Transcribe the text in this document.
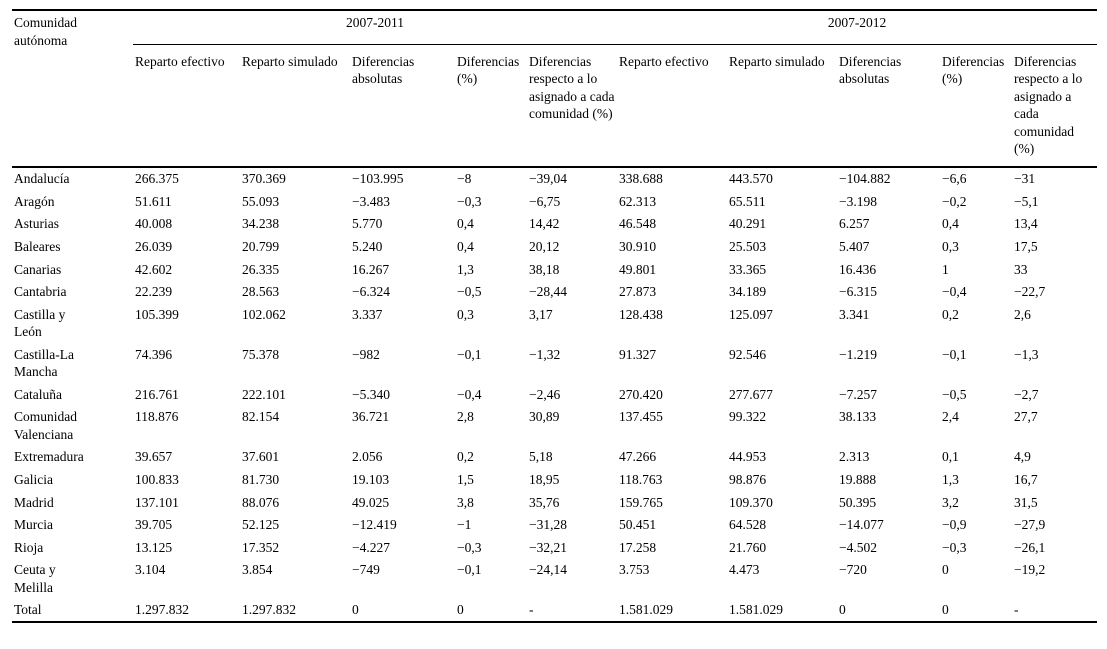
Comunidad autónoma	2007-2011					2007-2012				
	Reparto efectivo	Reparto simulado	Diferencias absolutas	Diferencias (%)	Diferencias respecto a lo asignado a cada comunidad (%)	Reparto efectivo	Reparto simulado	Diferencias absolutas	Diferencias (%)	Diferencias respecto a lo asignado a cada comunidad (%)
Andalucía	266.375	370.369	−103.995	−8	−39,04	338.688	443.570	−104.882	−6,6	−31
Aragón	51.611	55.093	−3.483	−0,3	−6,75	62.313	65.511	−3.198	−0,2	−5,1
Asturias	40.008	34.238	5.770	0,4	14,42	46.548	40.291	6.257	0,4	13,4
Baleares	26.039	20.799	5.240	0,4	20,12	30.910	25.503	5.407	0,3	17,5
Canarias	42.602	26.335	16.267	1,3	38,18	49.801	33.365	16.436	1	33
Cantabria	22.239	28.563	−6.324	−0,5	−28,44	27.873	34.189	−6.315	−0,4	−22,7
Castilla y León	105.399	102.062	3.337	0,3	3,17	128.438	125.097	3.341	0,2	2,6
Castilla-La Mancha	74.396	75.378	−982	−0,1	−1,32	91.327	92.546	−1.219	−0,1	−1,3
Cataluña	216.761	222.101	−5.340	−0,4	−2,46	270.420	277.677	−7.257	−0,5	−2,7
Comunidad Valenciana	118.876	82.154	36.721	2,8	30,89	137.455	99.322	38.133	2,4	27,7
Extremadura	39.657	37.601	2.056	0,2	5,18	47.266	44.953	2.313	0,1	4,9
Galicia	100.833	81.730	19.103	1,5	18,95	118.763	98.876	19.888	1,3	16,7
Madrid	137.101	88.076	49.025	3,8	35,76	159.765	109.370	50.395	3,2	31,5
Murcia	39.705	52.125	−12.419	−1	−31,28	50.451	64.528	−14.077	−0,9	−27,9
Rioja	13.125	17.352	−4.227	−0,3	−32,21	17.258	21.760	−4.502	−0,3	−26,1
Ceuta y Melilla	3.104	3.854	−749	−0,1	−24,14	3.753	4.473	−720	0	−19,2
Total	1.297.832	1.297.832	0	0	-	1.581.029	1.581.029	0	0	-
